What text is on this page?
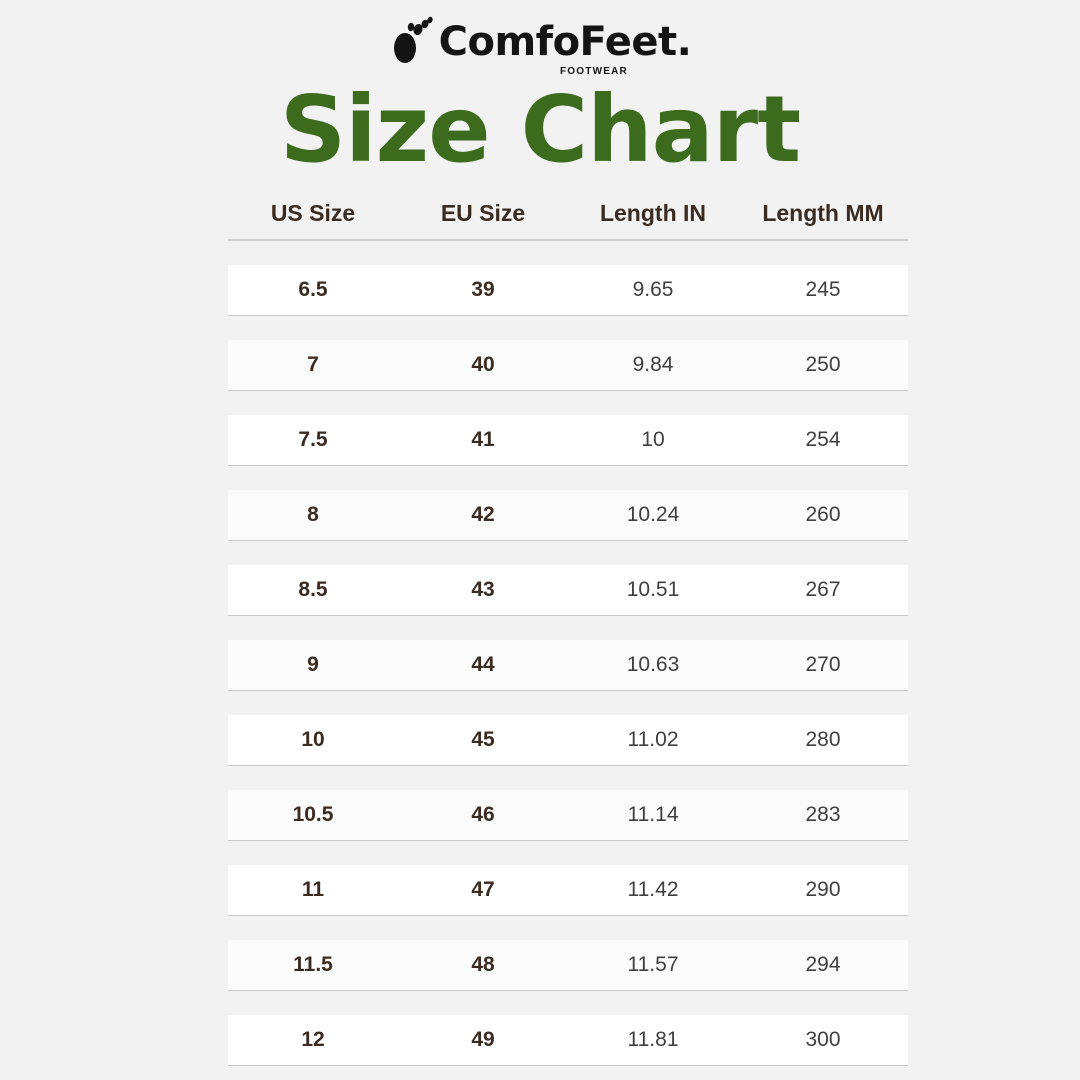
ComfoFeet.
FOOTWEAR
Size Chart
US Size	EU Size	Length IN	Length MM
6.5	39	9.65	245
7	40	9.84	250
7.5	41	10	254
8	42	10.24	260
8.5	43	10.51	267
9	44	10.63	270
10	45	11.02	280
10.5	46	11.14	283
11	47	11.42	290
11.5	48	11.57	294
12	49	11.81	300
